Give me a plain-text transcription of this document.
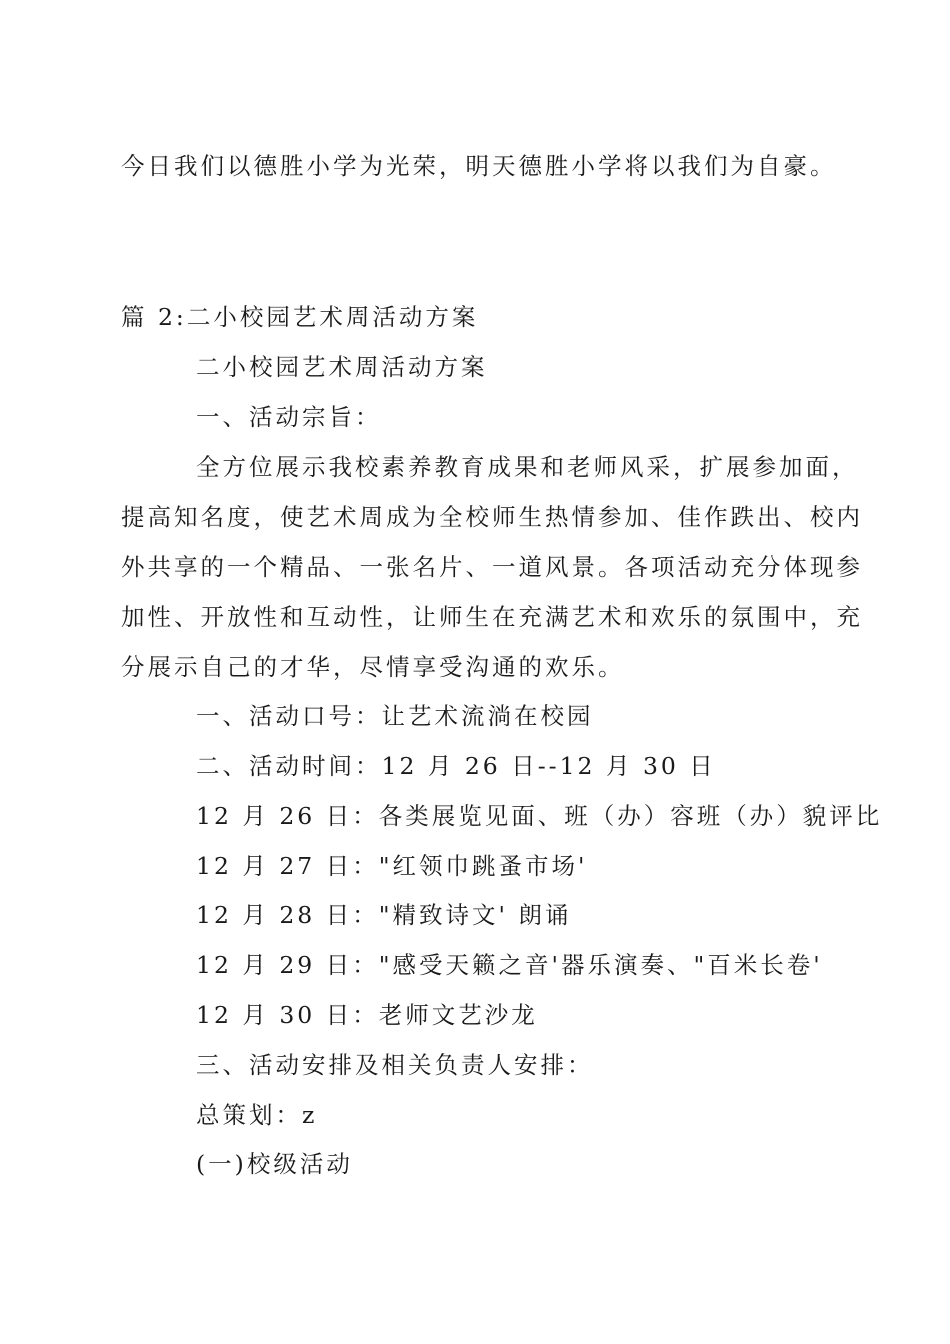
今日我们以德胜小学为光荣，明天德胜小学将以我们为自豪。
篇 2:二小校园艺术周活动方案
二小校园艺术周活动方案
一、活动宗旨：
全方位展示我校素养教育成果和老师风采，扩展参加面，
提高知名度，使艺术周成为全校师生热情参加、佳作跌出、校内
外共享的一个精品、一张名片、一道风景。各项活动充分体现参
加性、开放性和互动性，让师生在充满艺术和欢乐的氛围中，充
分展示自己的才华，尽情享受沟通的欢乐。
一、活动口号：让艺术流淌在校园
二、活动时间：12 月 26 日--12 月 30 日
12 月 26 日：各类展览见面、班（办）容班（办）貌评比
12 月 27 日："红领巾跳蚤市场'
12 月 28 日："精致诗文' 朗诵
12 月 29 日："感受天籁之音'器乐演奏、"百米长卷'
12 月 30 日：老师文艺沙龙
三、活动安排及相关负责人安排：
总策划：z
(一)校级活动
